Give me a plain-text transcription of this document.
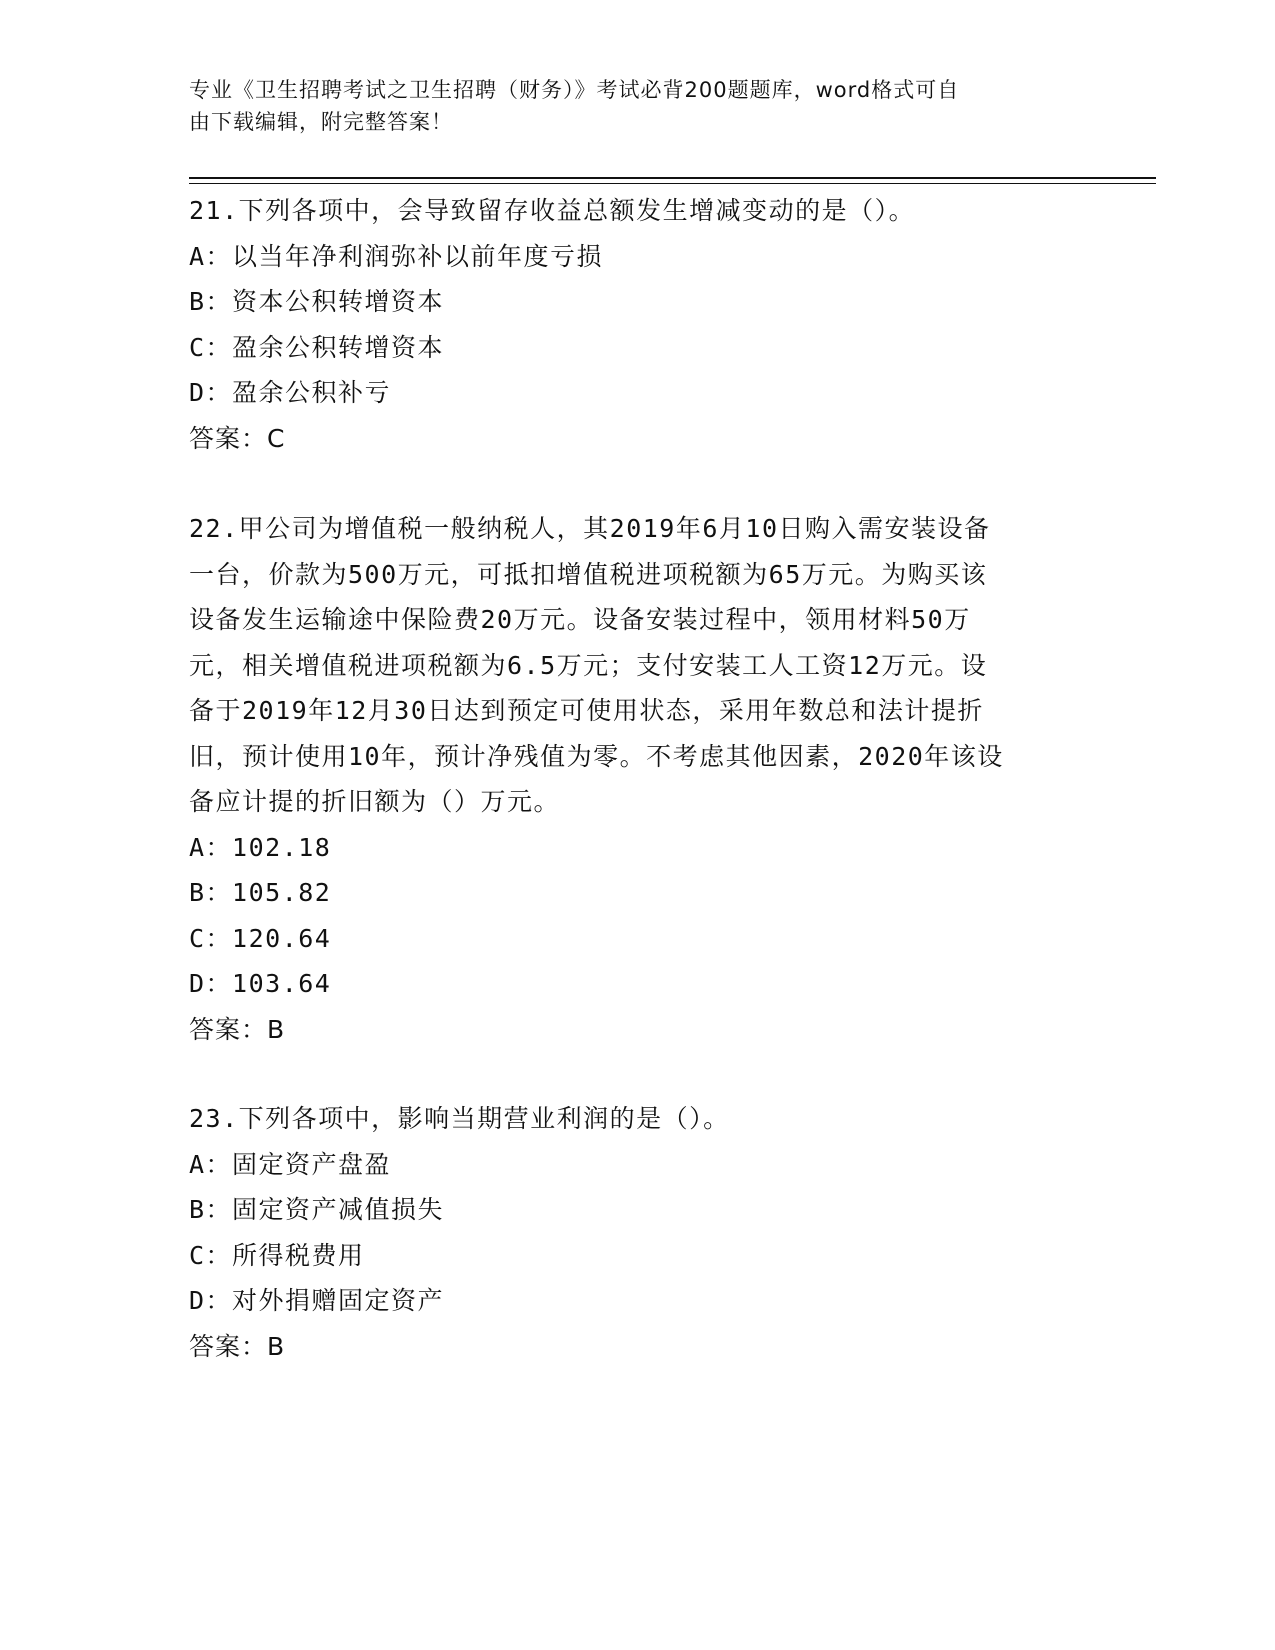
专业《卫生招聘考试之卫生招聘（财务）》考试必背200题题库，word格式可自
由下载编辑，附完整答案！
21.下列各项中，会导致留存收益总额发生增减变动的是（）。
A：以当年净利润弥补以前年度亏损
B：资本公积转增资本
C：盈余公积转增资本
D：盈余公积补亏
答案：C
22.甲公司为增值税一般纳税人，其2019年6月10日购入需安装设备
一台，价款为500万元，可抵扣增值税进项税额为65万元。为购买该
设备发生运输途中保险费20万元。设备安装过程中，领用材料50万
元，相关增值税进项税额为6.5万元；支付安装工人工资12万元。设
备于2019年12月30日达到预定可使用状态，采用年数总和法计提折
旧，预计使用10年，预计净残值为零。不考虑其他因素，2020年该设
备应计提的折旧额为（）万元。
A：102.18
B：105.82
C：120.64
D：103.64
答案：B
23.下列各项中，影响当期营业利润的是（）。
A：固定资产盘盈
B：固定资产减值损失
C：所得税费用
D：对外捐赠固定资产
答案：B
